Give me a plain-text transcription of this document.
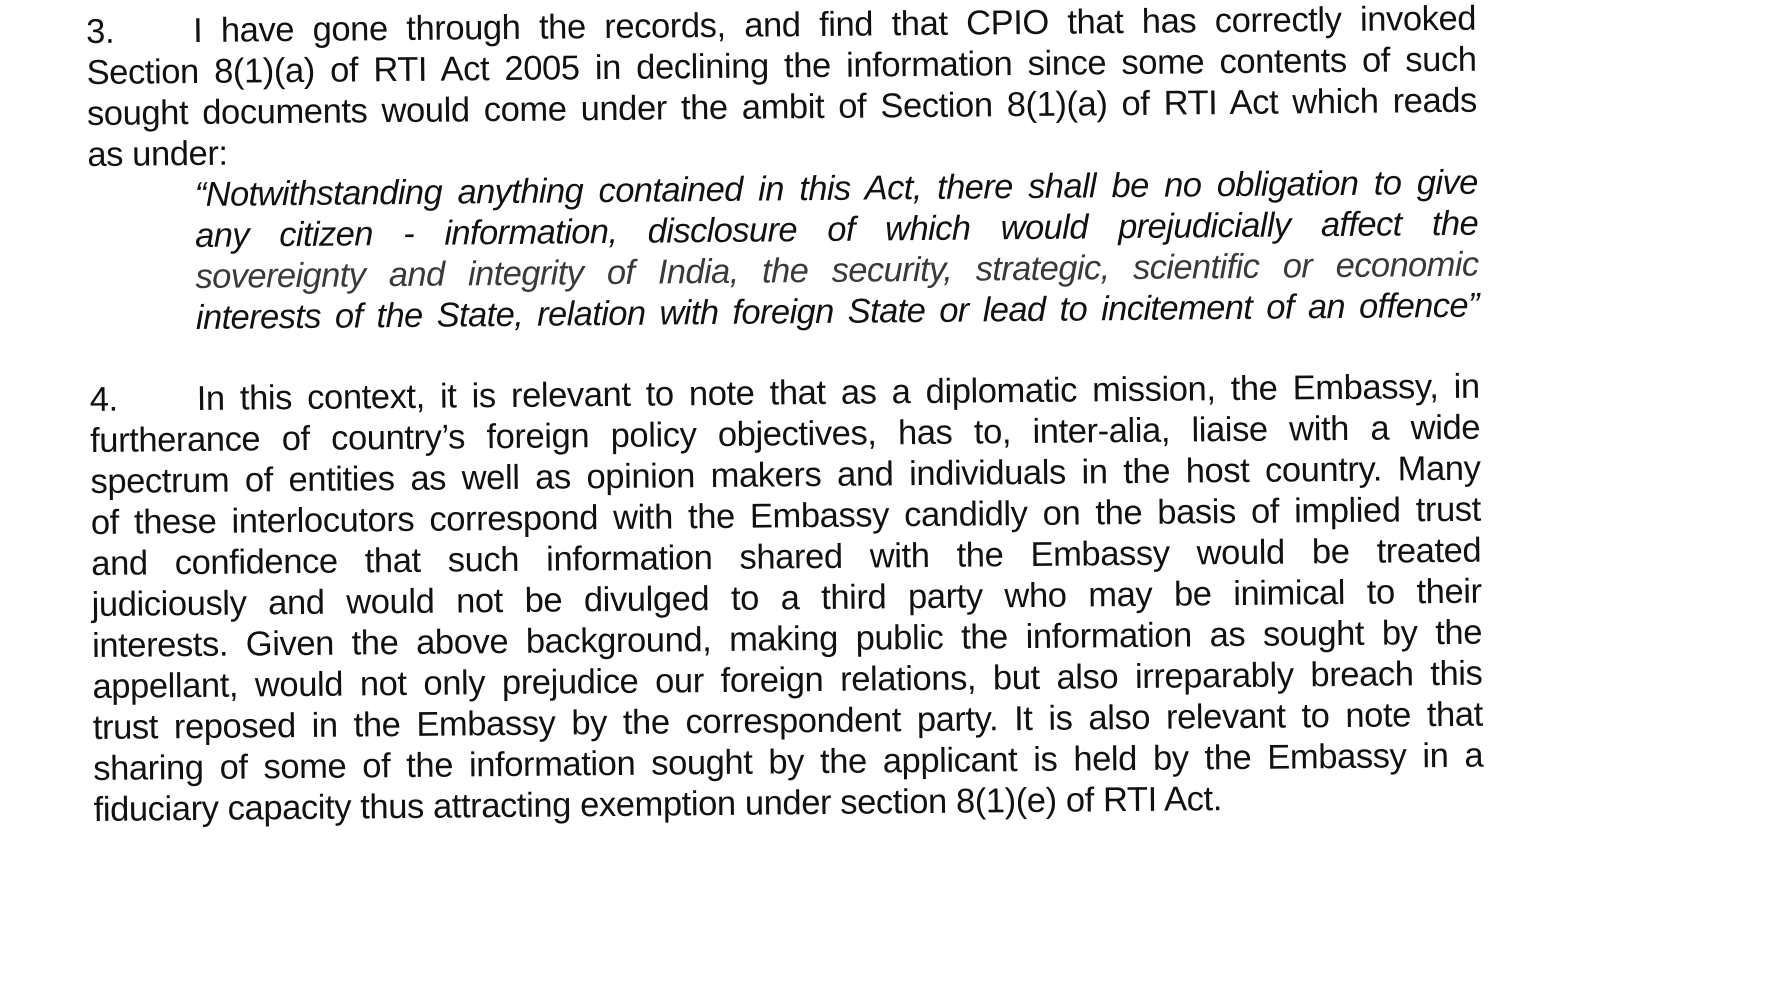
3. I have gone through the records, and find that CPIO that has correctly invoked
Section 8(1)(a) of RTI Act 2005 in declining the information since some contents of such
sought documents would come under the ambit of Section 8(1)(a) of RTI Act which reads
as under:
“Notwithstanding anything contained in this Act, there shall be no obligation to give
any citizen - information, disclosure of which would prejudicially affect the
sovereignty and integrity of India, the security, strategic, scientific or economic
interests of the State, relation with foreign State or lead to incitement of an offence”
4. In this context, it is relevant to note that as a diplomatic mission, the Embassy, in
furtherance of country’s foreign policy objectives, has to, inter-alia, liaise with a wide
spectrum of entities as well as opinion makers and individuals in the host country. Many
of these interlocutors correspond with the Embassy candidly on the basis of implied trust
and confidence that such information shared with the Embassy would be treated
judiciously and would not be divulged to a third party who may be inimical to their
interests. Given the above background, making public the information as sought by the
appellant, would not only prejudice our foreign relations, but also irreparably breach this
trust reposed in the Embassy by the correspondent party. It is also relevant to note that
sharing of some of the information sought by the applicant is held by the Embassy in a
fiduciary capacity thus attracting exemption under section 8(1)(e) of RTI Act.
